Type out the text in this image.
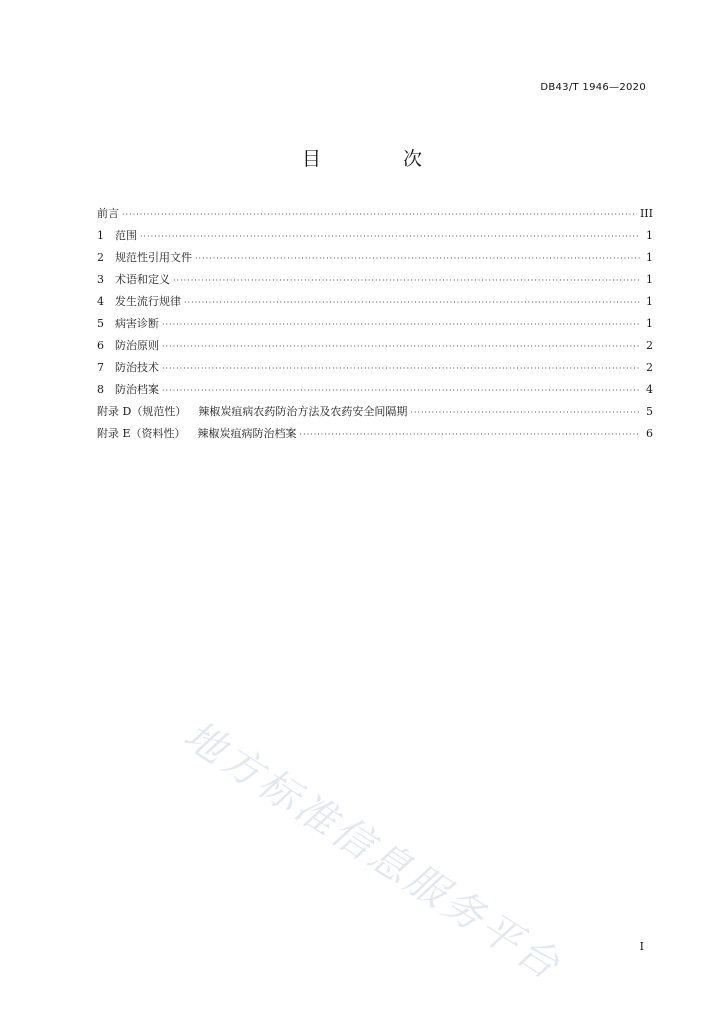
DB43/T 1946—2020
目 次
前言 ·····	III
1	范围 ·····	1
2	规范性引用文件 ·····	1
3	术语和定义 ·····	1
4	发生流行规律 ·····	1
5	病害诊断 ·····	1
6	防治原则 ·····	2
7	防治技术 ·····	2
8	防治档案 ·····	4
附录 D（规范性） 辣椒炭疽病农药防治方法及农药安全间隔期 ·····	5
附录 E（资料性） 辣椒炭疽病防治档案 ·····	6
地方标准信息服务平台	I
